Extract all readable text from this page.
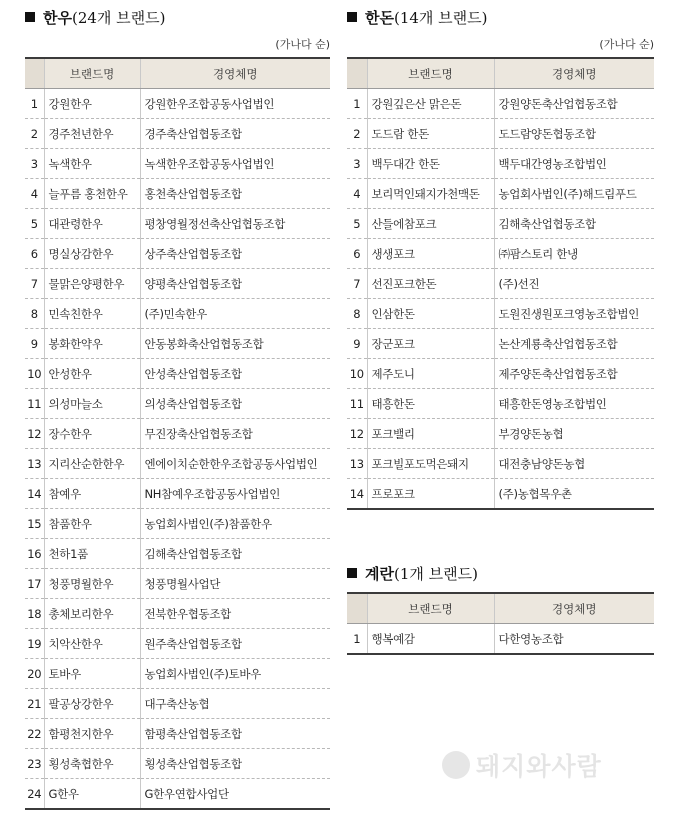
한우 (24개 브랜드)
(가나다 순)
	브랜드명	경영체명
1	강원한우	강원한우조합공동사업법인
2	경주천년한우	경주축산업협동조합
3	녹색한우	녹색한우조합공동사업법인
4	늘푸름 홍천한우	홍천축산업협동조합
5	대관령한우	평창영월정선축산업협동조합
6	명실상감한우	상주축산업협동조합
7	물맑은양평한우	양평축산업협동조합
8	민속친한우	(주)민속한우
9	봉화한약우	안동봉화축산업협동조합
10	안성한우	안성축산업협동조합
11	의성마늘소	의성축산업협동조합
12	장수한우	무진장축산업협동조합
13	지리산순한한우	엔에이치순한한우조합공동사업법인
14	참예우	NH참예우조합공동사업법인
15	참품한우	농업회사법인(주)참품한우
16	천하1품	김해축산업협동조합
17	청풍명월한우	청풍명월사업단
18	총체보리한우	전북한우협동조합
19	치악산한우	원주축산업협동조합
20	토바우	농업회사법인(주)토바우
21	팔공상강한우	대구축산농협
22	함평천지한우	함평축산업협동조합
23	횡성축협한우	횡성축산업협동조합
24	G한우	G한우연합사업단
한돈 (14개 브랜드)
(가나다 순)
	브랜드명	경영체명
1	강원깊은산 맑은돈	강원양돈축산업협동조합
2	도드람 한돈	도드람양돈협동조합
3	백두대간 한돈	백두대간영농조합법인
4	보리먹인돼지가천맥돈	농업회사법인(주)해드림푸드
5	산들에참포크	김해축산업협동조합
6	생생포크	㈜팜스토리 한냉
7	선진포크한돈	(주)선진
8	인삼한돈	도원진생원포크영농조합법인
9	장군포크	논산계룡축산업협동조합
10	제주도니	제주양돈축산업협동조합
11	태흥한돈	태흥한돈영농조합법인
12	포크밸리	부경양돈농협
13	포크빌포도먹은돼지	대전충남양돈농협
14	프로포크	(주)농협목우촌
계란 (1개 브랜드)
	브랜드명	경영체명
1	행복예감	다한영농조합
돼지와사람
